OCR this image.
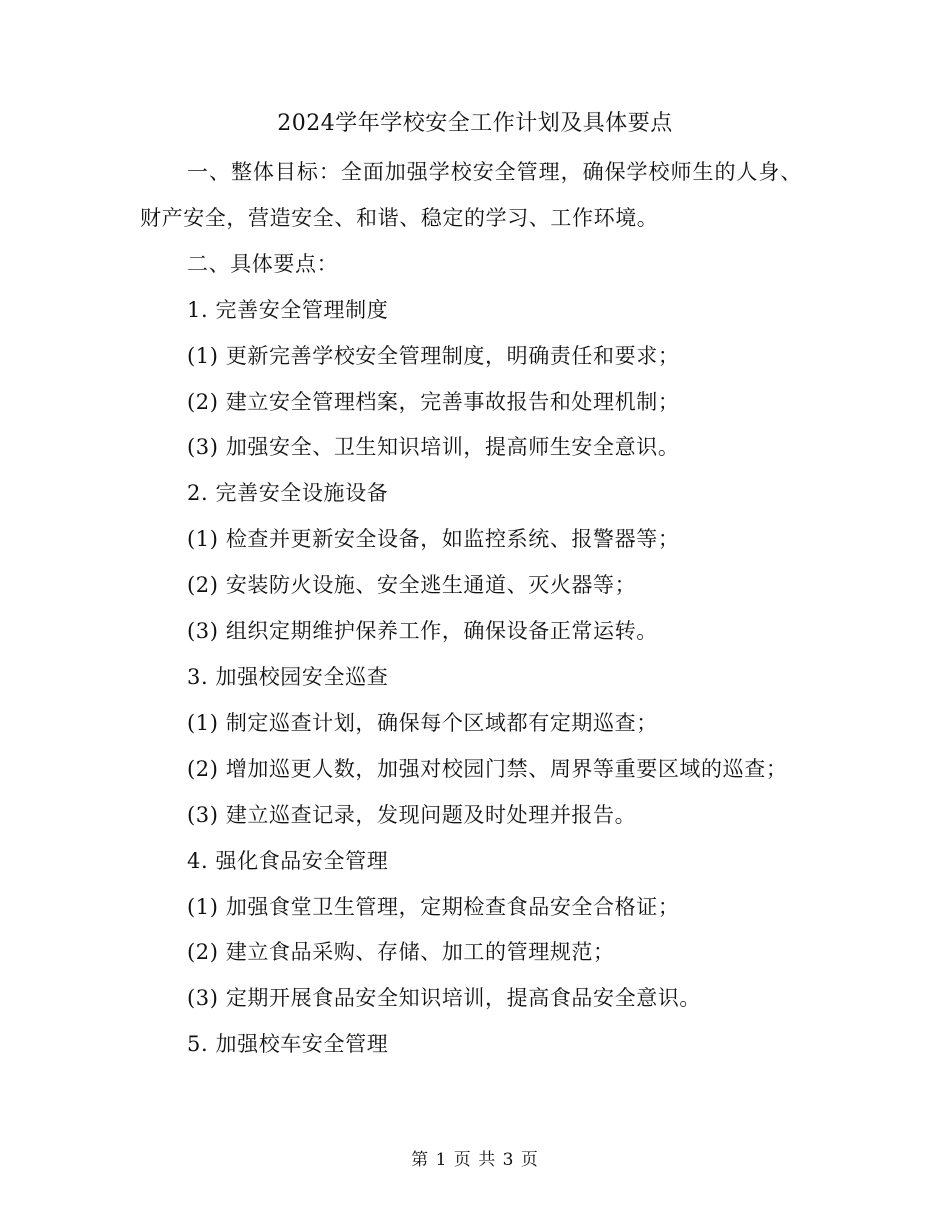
2024学年学校安全工作计划及具体要点

一、整体目标：全面加强学校安全管理，确保学校师生的人身、财产安全，营造安全、和谐、稳定的学习、工作环境。

二、具体要点：

1. 完善安全管理制度

(1) 更新完善学校安全管理制度，明确责任和要求；

(2) 建立安全管理档案，完善事故报告和处理机制；

(3) 加强安全、卫生知识培训，提高师生安全意识。

2. 完善安全设施设备

(1) 检查并更新安全设备，如监控系统、报警器等；

(2) 安装防火设施、安全逃生通道、灭火器等；

(3) 组织定期维护保养工作，确保设备正常运转。

3. 加强校园安全巡查

(1) 制定巡查计划，确保每个区域都有定期巡查；

(2) 增加巡更人数，加强对校园门禁、周界等重要区域的巡查；

(3) 建立巡查记录，发现问题及时处理并报告。

4. 强化食品安全管理

(1) 加强食堂卫生管理，定期检查食品安全合格证；

(2) 建立食品采购、存储、加工的管理规范；

(3) 定期开展食品安全知识培训，提高食品安全意识。

5. 加强校车安全管理

第 1 页 共 3 页
